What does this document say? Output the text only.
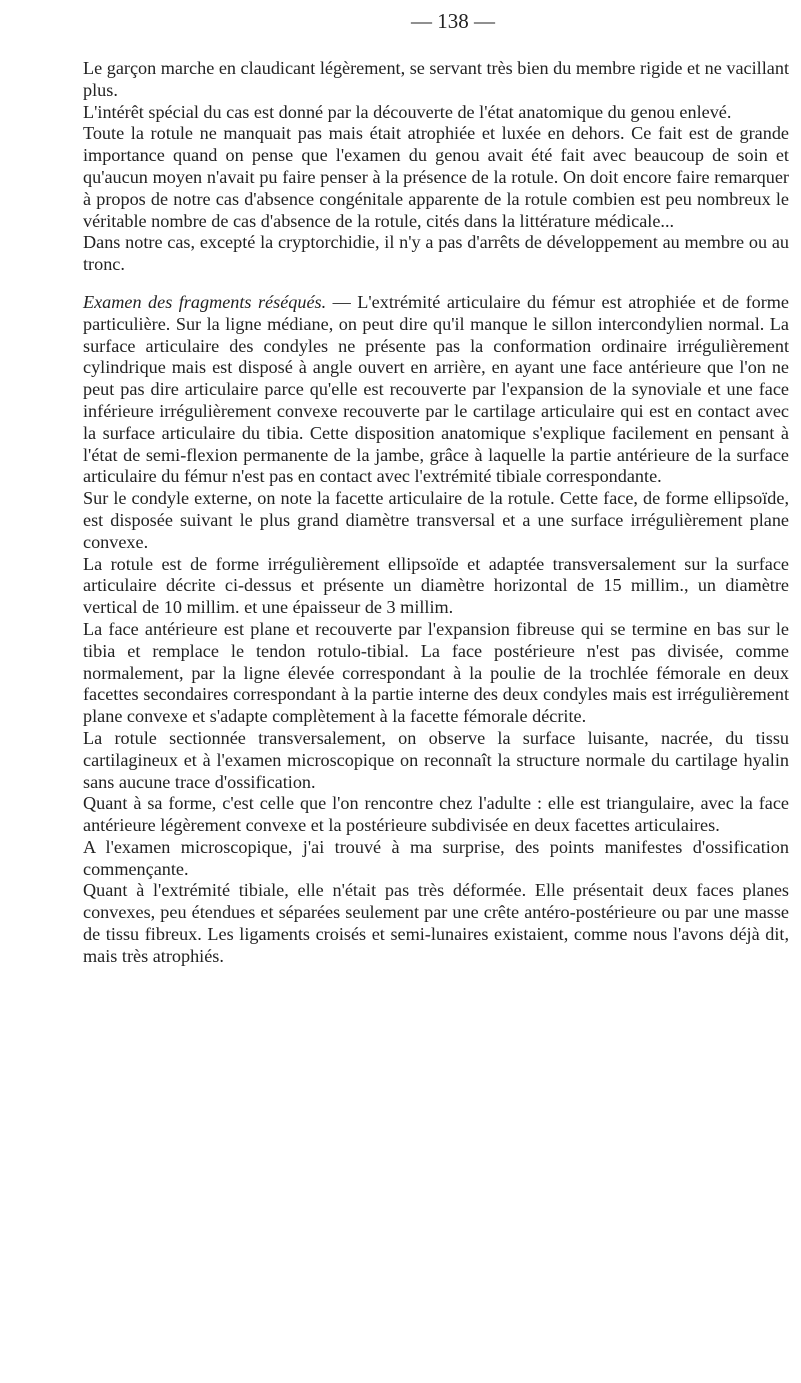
— 138 —

Le garçon marche en claudicant légèrement, se servant très bien du membre rigide et ne vacillant plus.

L'intérêt spécial du cas est donné par la découverte de l'état anatomique du genou enlevé.

Toute la rotule ne manquait pas mais était atrophiée et luxée en dehors. Ce fait est de grande importance quand on pense que l'examen du genou avait été fait avec beaucoup de soin et qu'aucun moyen n'avait pu faire penser à la présence de la rotule. On doit encore faire remarquer à propos de notre cas d'absence congénitale apparente de la rotule combien est peu nombreux le véritable nombre de cas d'absence de la rotule, cités dans la littérature médicale...

Dans notre cas, excepté la cryptorchidie, il n'y a pas d'arrêts de développement au membre ou au tronc.

Examen des fragments réséqués. — L'extrémité articulaire du fémur est atrophiée et de forme particulière. Sur la ligne médiane, on peut dire qu'il manque le sillon intercondylien normal. La surface articulaire des condyles ne présente pas la conformation ordinaire irrégulièrement cylindrique mais est disposé à angle ouvert en arrière, en ayant une face antérieure que l'on ne peut pas dire articulaire parce qu'elle est recouverte par l'expansion de la synoviale et une face inférieure irrégulièrement convexe recouverte par le cartilage articulaire qui est en contact avec la surface articulaire du tibia. Cette disposition anatomique s'explique facilement en pensant à l'état de semi-flexion permanente de la jambe, grâce à laquelle la partie antérieure de la surface articulaire du fémur n'est pas en contact avec l'extrémité tibiale correspondante.

Sur le condyle externe, on note la facette articulaire de la rotule. Cette face, de forme ellipsoïde, est disposée suivant le plus grand diamètre transversal et a une surface irrégulièrement plane convexe.

La rotule est de forme irrégulièrement ellipsoïde et adaptée transversalement sur la surface articulaire décrite ci-dessus et présente un diamètre horizontal de 15 millim., un diamètre vertical de 10 millim. et une épaisseur de 3 millim.

La face antérieure est plane et recouverte par l'expansion fibreuse qui se termine en bas sur le tibia et remplace le tendon rotulo-tibial. La face postérieure n'est pas divisée, comme normalement, par la ligne élevée correspondant à la poulie de la trochlée fémorale en deux facettes secondaires correspondant à la partie interne des deux condyles mais est irrégulièrement plane convexe et s'adapte complètement à la facette fémorale décrite.

La rotule sectionnée transversalement, on observe la surface luisante, nacrée, du tissu cartilagineux et à l'examen microscopique on reconnaît la structure normale du cartilage hyalin sans aucune trace d'ossification.

Quant à sa forme, c'est celle que l'on rencontre chez l'adulte : elle est triangulaire, avec la face antérieure légèrement convexe et la postérieure subdivisée en deux facettes articulaires.

A l'examen microscopique, j'ai trouvé à ma surprise, des points manifestes d'ossification commençante.

Quant à l'extrémité tibiale, elle n'était pas très déformée. Elle présentait deux faces planes convexes, peu étendues et séparées seulement par une crête antéro-postérieure ou par une masse de tissu fibreux. Les ligaments croisés et semi-lunaires existaient, comme nous l'avons déjà dit, mais très atrophiés.
